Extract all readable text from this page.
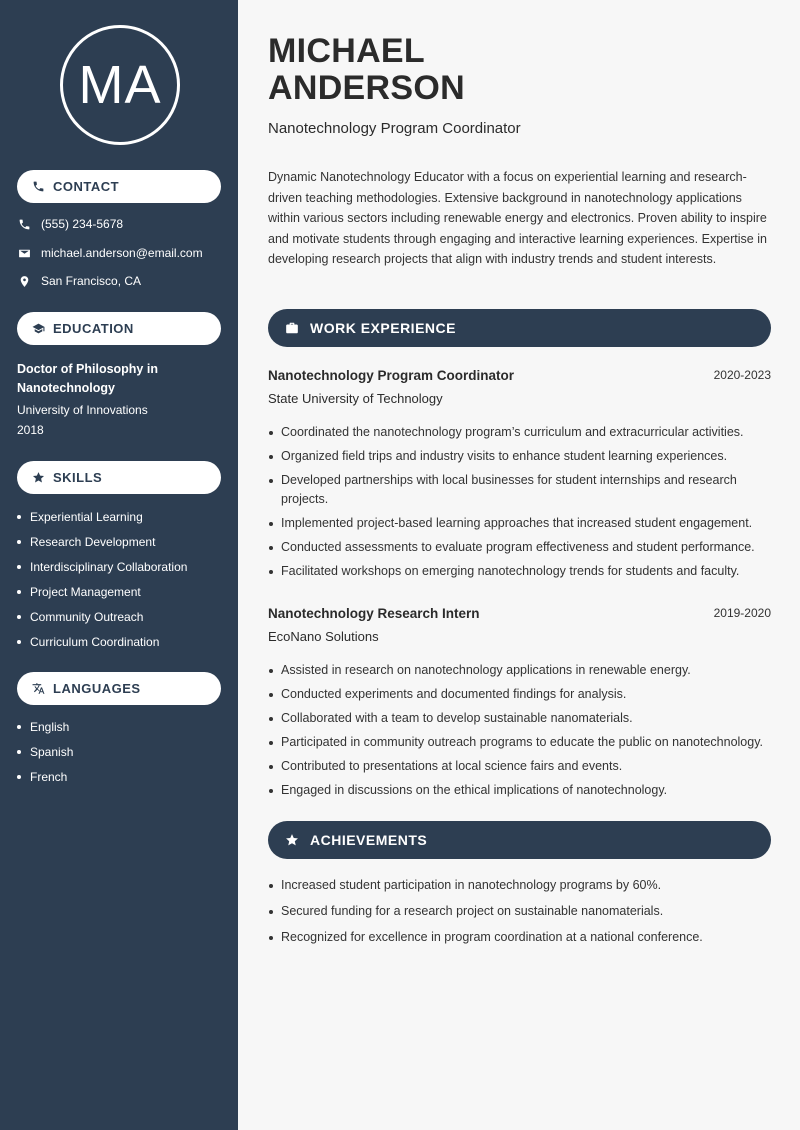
MA
CONTACT
(555) 234-5678
michael.anderson@email.com
San Francisco, CA
EDUCATION
Doctor of Philosophy in Nanotechnology
University of Innovations
2018
SKILLS
Experiential Learning
Research Development
Interdisciplinary Collaboration
Project Management
Community Outreach
Curriculum Coordination
LANGUAGES
English
Spanish
French
MICHAEL
ANDERSON
Nanotechnology Program Coordinator
Dynamic Nanotechnology Educator with a focus on experiential learning and research-driven teaching methodologies. Extensive background in nanotechnology applications within various sectors including renewable energy and electronics. Proven ability to inspire and motivate students through engaging and interactive learning experiences. Expertise in developing research projects that align with industry trends and student interests.
WORK EXPERIENCE
Nanotechnology Program Coordinator	2020-2023
State University of Technology
Coordinated the nanotechnology program’s curriculum and extracurricular activities.
Organized field trips and industry visits to enhance student learning experiences.
Developed partnerships with local businesses for student internships and research projects.
Implemented project-based learning approaches that increased student engagement.
Conducted assessments to evaluate program effectiveness and student performance.
Facilitated workshops on emerging nanotechnology trends for students and faculty.
Nanotechnology Research Intern	2019-2020
EcoNano Solutions
Assisted in research on nanotechnology applications in renewable energy.
Conducted experiments and documented findings for analysis.
Collaborated with a team to develop sustainable nanomaterials.
Participated in community outreach programs to educate the public on nanotechnology.
Contributed to presentations at local science fairs and events.
Engaged in discussions on the ethical implications of nanotechnology.
ACHIEVEMENTS
Increased student participation in nanotechnology programs by 60%.
Secured funding for a research project on sustainable nanomaterials.
Recognized for excellence in program coordination at a national conference.
